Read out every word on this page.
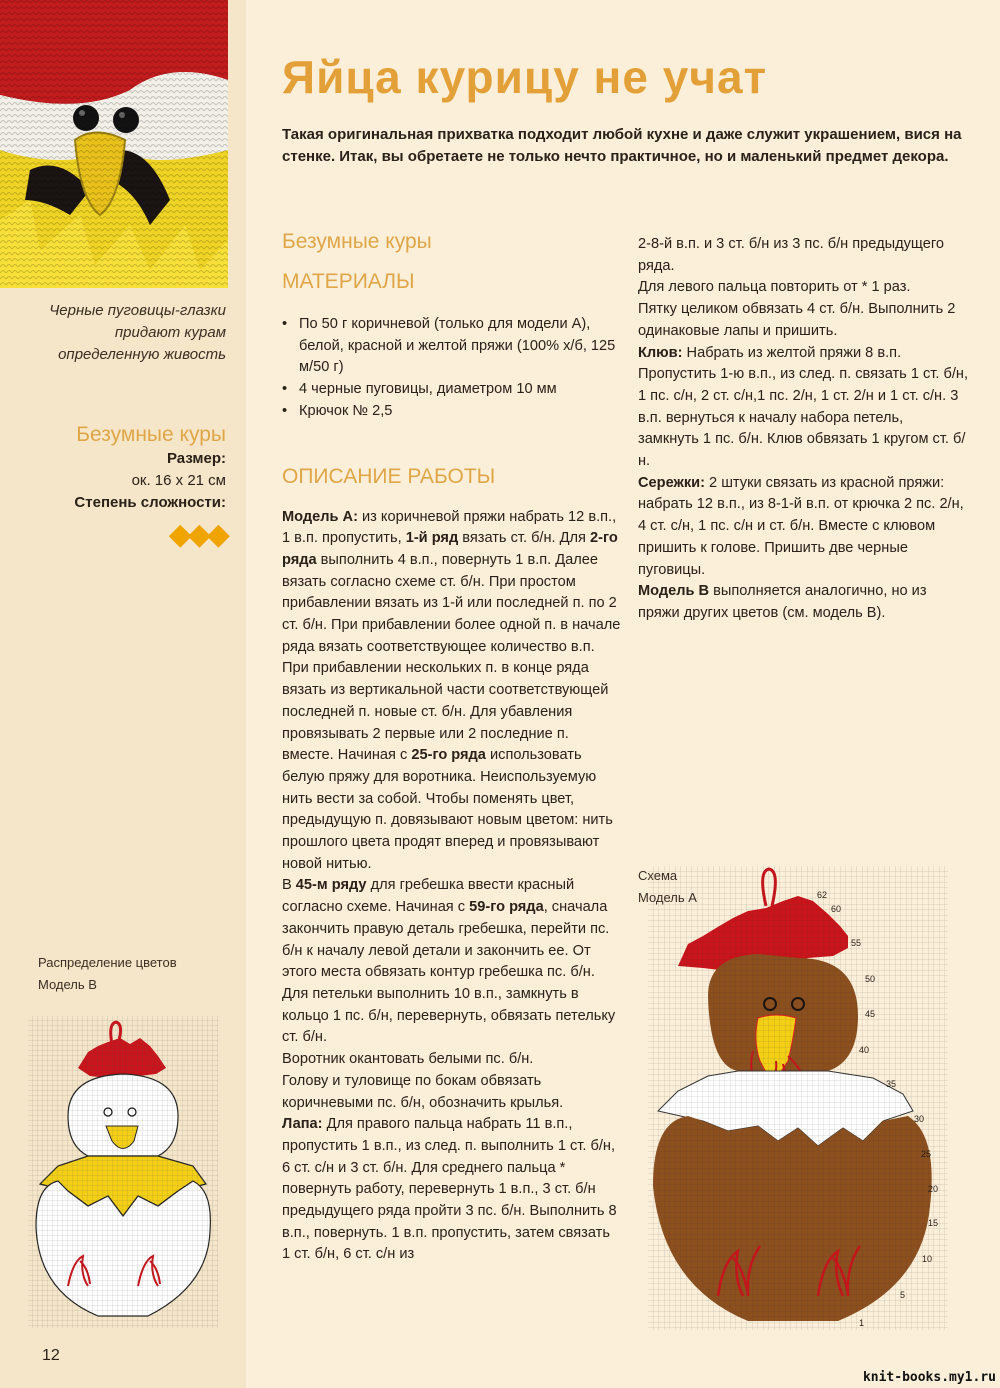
Черные пуговицы-глазки придают курам определенную живость
Безумные куры
Размер:
ок. 16 х 21 см
Степень сложности:
◆◆◆
Распределение цветов
Модель В
12
Яйца курицу не учат
Такая оригинальная прихватка подходит любой кухне и даже служит украшением, вися на стенке. Итак, вы обретаете не только нечто практичное, но и маленький предмет декора.
Безумные куры
МАТЕРИАЛЫ
• По 50 г коричневой (только для модели А), белой, красной и желтой пряжи (100% х/б, 125 м/50 г)
• 4 черные пуговицы, диаметром 10 мм
• Крючок № 2,5
ОПИСАНИЕ РАБОТЫ

Модель А: из коричневой пряжи набрать 12 в.п., 1 в.п. пропустить, 1-й ряд вязать ст. б/н. Для 2-го ряда выполнить 4 в.п., повернуть 1 в.п. Далее вязать согласно схеме ст. б/н. При простом прибавлении вязать из 1-й или последней п. по 2 ст. б/н. При прибавлении более одной п. в начале ряда вязать соответствующее количество в.п. При прибавлении нескольких п. в конце ряда вязать из вертикальной части соответствующей последней п. новые ст. б/н. Для убавления провязывать 2 первые или 2 последние п. вместе. Начиная с 25-го ряда использовать белую пряжу для воротника. Неиспользуемую нить вести за собой. Чтобы поменять цвет, предыдущую п. довязывают новым цветом: нить прошлого цвета продят вперед и провязывают новой нитью.

В 45-м ряду для гребешка ввести красный согласно схеме. Начиная с 59-го ряда, сначала закончить правую деталь гребешка, перейти пс. б/н к началу левой детали и закончить ее. От этого места обвязать контур гребешка пс. б/н.

Для петельки выполнить 10 в.п., замкнуть в кольцо 1 пс. б/н, перевернуть, обвязать петельку ст. б/н.

Воротник окантовать белыми пс. б/н.

Голову и туловище по бокам обвязать коричневыми пс. б/н, обозначить крылья.

Лапа: Для правого пальца набрать 11 в.п., пропустить 1 в.п., из след. п. выполнить 1 ст. б/н, 6 ст. с/н и 3 ст. б/н. Для среднего пальца * повернуть работу, перевернуть 1 в.п., 3 ст. б/н предыдущего ряда пройти 3 пс. б/н. Выполнить 8 в.п., повернуть. 1 в.п. пропустить, затем связать 1 ст. б/н, 6 ст. с/н из

2-8-й в.п. и 3 ст. б/н из 3 пс. б/н предыдущего ряда.

Для левого пальца повторить от * 1 раз.

Пятку целиком обвязать 4 ст. б/н. Выполнить 2 одинаковые лапы и пришить.

Клюв: Набрать из желтой пряжи 8 в.п. Пропустить 1-ю в.п., из след. п. связать 1 ст. б/н, 1 пс. с/н, 2 ст. с/н,1 пс. 2/н, 1 ст. 2/н и 1 ст. с/н. 3 в.п. вернуться к началу набора петель, замкнуть 1 пс. б/н. Клюв обвязать 1 кругом ст. б/н.

Сережки: 2 штуки связать из красной пряжи: набрать 12 в.п., из 8-1-й в.п. от крючка 2 пс. 2/н, 4 ст. с/н, 1 пс. с/н и ст. б/н. Вместе с клювом пришить к голове. Пришить две черные пуговицы.

Модель В выполняется аналогично, но из пряжи других цветов (см. модель В).

Схема
Модель А	62
60
55
50
45
40
35
30
25
20
15
10
5
1
knit-books.my1.ru
